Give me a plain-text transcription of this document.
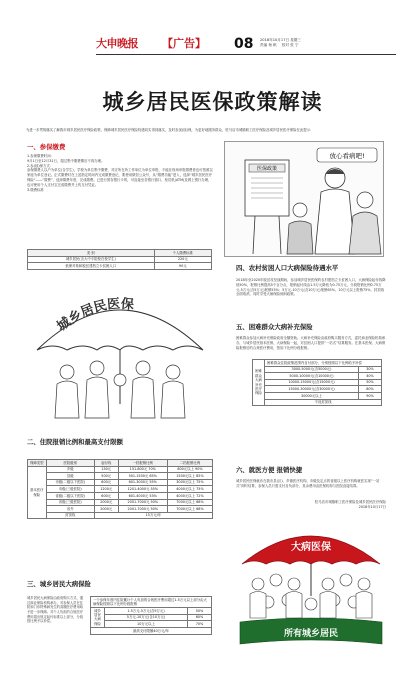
大申晚报 【广告】 08 2018年10月17日 星期三
责编 杨 帆 校对 张 宁
城乡居民医保政策解读
为进一步贯彻落实了解我市城乡居民医疗保险政策，保障城乡居民医疗保险待遇切实得到落实，及时参加(续)保，为更好地服务群众，驻马店市城镇职工医疗保险及城乡居民医疗保险在此提示：
一、参保缴费
1.参保缴费时间：
9月1日至12月31日，超过集中缴费期后不再办理。
2.参(续)保方式：
参保缴费人以户为单位(含学生)，学校为单位集中缴费，对应所在所工作单位为单位申报，不能在现场申报缴费者也可按照以家庭为单位登记。正式缴费时在上述指定时间内完成缴费登记，要使用微信公众号，从“缴费功能”进入，选择“城乡居民医疗保险”——“缴费”，选择缴费年度，完成缴费。已进行预存银行卡的，可直接至各银行窗口、柜员机(ATM)及网上银行办理，也可使用个人支付宝完成缴费并上传支付凭证。
3.缴费标准
类 别	个人缴费标准
城乡居民(含大中专院校在校学生)	220元
低保对象和脱贫建档立卡贫困人口	90元
医保政策
放心看病吧!
城乡居民医保
二、住院报销比例和最高支付限额
保障类型	医院级别	起付线	一档报销比例	二档报销比例
基本医疗保险	乡级	150元	151-800元 70%	800元以上 90%
	县级	500元	501-1500元 65%	1500元以上 85%
	市级(二级以下医院)	600元	601-3000元 55%	3000元以上 75%
	市级(三级医院)	1200元	1201-4000元 55%	4000元以上 75%
	省级(二级以下医院)	600元	601-4000元 53%	4000元以上 72%
	省级(三级医院)	2000元	2001-7000元 50%	7000元以上 68%
	省外	2000元	2001-7000元 50%	7000元以上 68%
	封顶线	15万元/年		
三、城乡居民大病保险
城乡居民大病保险由政府购买方式，通过商业保险机构承办，对参保人员在住院和门诊特殊病发生的高额医疗费用给予进一步保障。对个人负担的合规医疗费用超出规定起付标准以上部分，分段按比例予以补偿。
一个参保年度内住院累计个人负担的合规医疗费用超过1.5万元以上部分由大病保险按照以下比例分段报销		
城乡居民大病保险	1.5万元-5万元(含5万元)	50%
	5万元-10万元(含10万元)	60%
	10万元以上	70%
最高支付限额40万元/年		
四、农村贫困人口大病保险待遇水平
2018年至2020年脱贫攻坚战期间，参加城乡居民医保的农村建档立卡贫困人口，大病保险起付线降低50%，报销比例提高5个百分点，报销起付线由1.5万元降低为0.75万元，分段报销比例0.75万元-5万元(含5万元)报销55%；5万元-10万元(含10万元)报销65%，10万元以上报销75%，封顶线全面取消，同时享受大病保险倾斜政策。
五、困难群众大病补充保险
困难群众参加大病补充保险政府全额资助。大病补充保险由政府购买服务方式，委托商业保险机构承办，与城乡居民基本医保、大病保险一起，对贫困人口提供“一站式”结算服务。在基本医保、大病保险报销后的合规医疗费用，按如下比例分段报销。
困难群众大病补充医疗保险	困难群众住院政策范围内自付部分，分别按照以下比例给予补偿	
	3000-5000元(含5000元)	30%
	5000-10000元(含10000元)	40%
	10000-15000元(含15000元)	50%
	15000-30000元(含30000元)	80%
	30000元以上	90%
	不设封顶线	
六、就医方便 报销快捷
城乡居民医保就诊在我市县(区)、乡镇医疗机构、市级及定点的省级以上医疗机构就医实现“一站式”即时结算，参保人员只需支付自负部分，其余费用由医保机构与医院直接结算。
驻马店市城镇职工医疗保险及城乡居民医疗保险
2018年10月17日
大病医保
所有城乡居民
